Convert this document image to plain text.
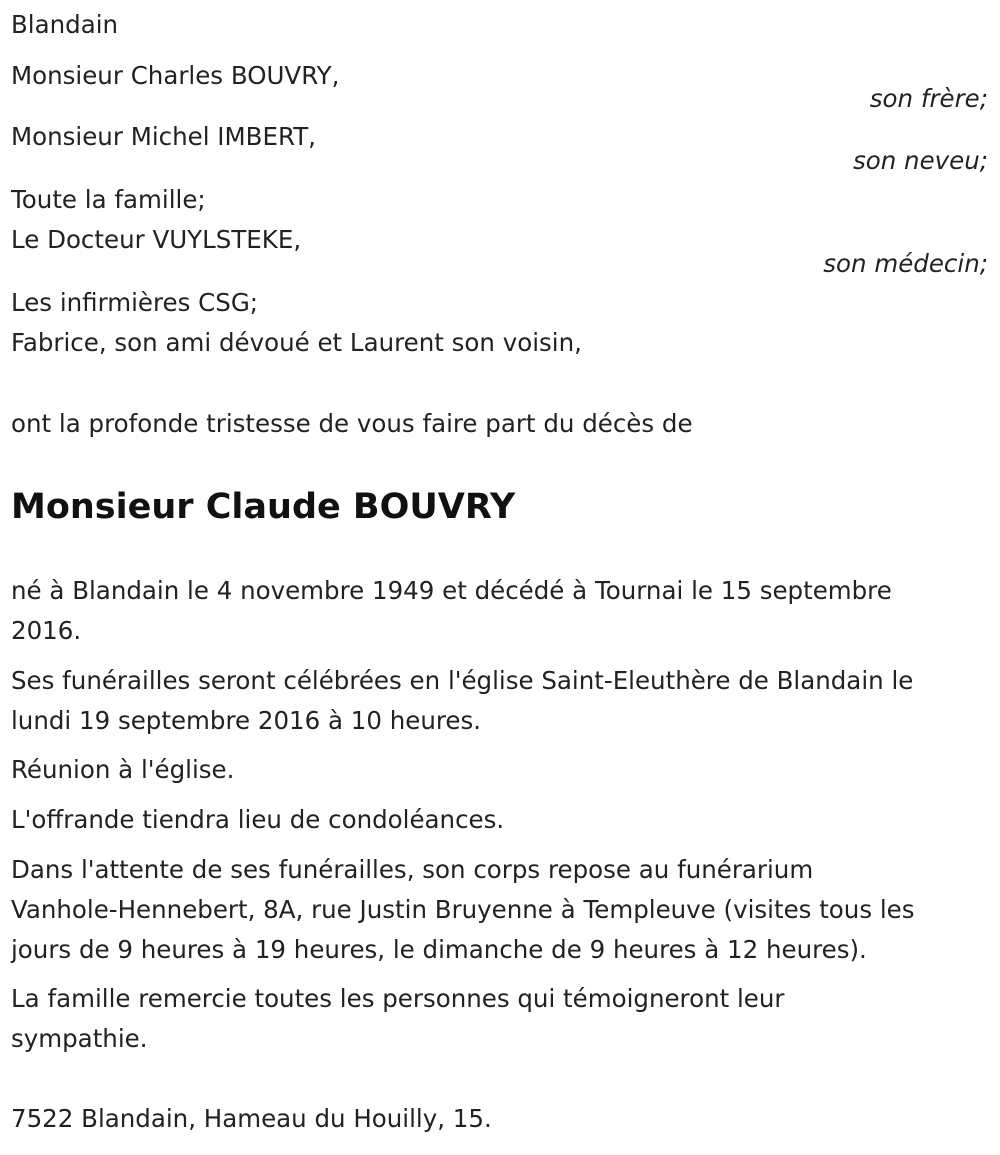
Blandain
Monsieur Charles BOUVRY,
son frère;
Monsieur Michel IMBERT,
son neveu;
Toute la famille;
Le Docteur VUYLSTEKE,
son médecin;
Les infirmières CSG;
Fabrice, son ami dévoué et Laurent son voisin,
ont la profonde tristesse de vous faire part du décès de
Monsieur Claude BOUVRY
né à Blandain le 4 novembre 1949 et décédé à Tournai le 15 septembre
2016.
Ses funérailles seront célébrées en l'église Saint-Eleuthère de Blandain le
lundi 19 septembre 2016 à 10 heures.
Réunion à l'église.
L'offrande tiendra lieu de condoléances.
Dans l'attente de ses funérailles, son corps repose au funérarium
Vanhole-Hennebert, 8A, rue Justin Bruyenne à Templeuve (visites tous les
jours de 9 heures à 19 heures, le dimanche de 9 heures à 12 heures).
La famille remercie toutes les personnes qui témoigneront leur
sympathie.
7522 Blandain, Hameau du Houilly, 15.
